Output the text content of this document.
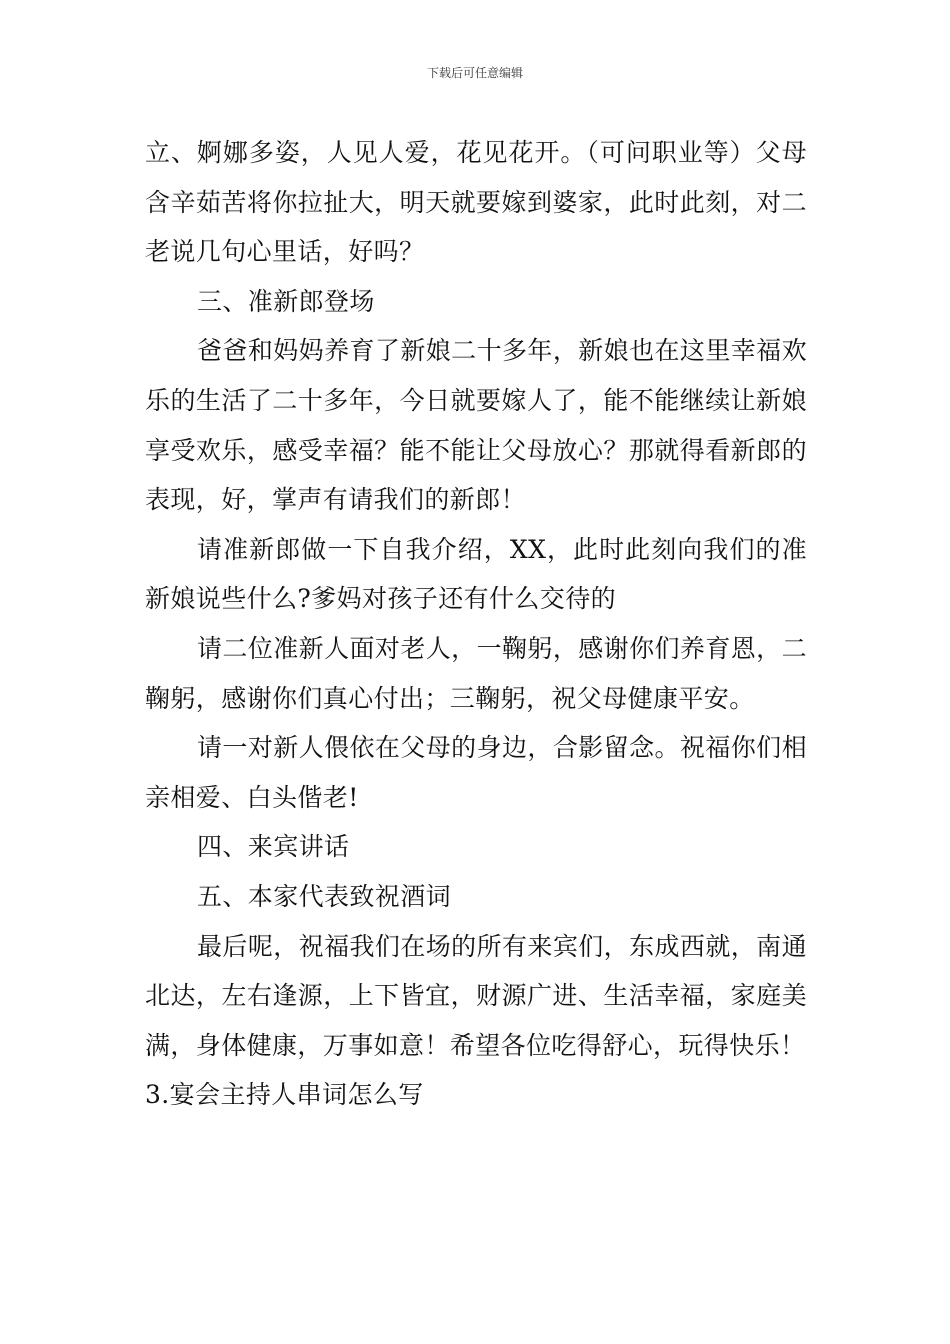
下载后可任意编辑

立、婀娜多姿，人见人爱，花见花开。（可问职业等）父母含辛茹苦将你拉扯大，明天就要嫁到婆家，此时此刻，对二老说几句心里话，好吗？

三、准新郎登场

爸爸和妈妈养育了新娘二十多年，新娘也在这里幸福欢乐的生活了二十多年，今日就要嫁人了，能不能继续让新娘享受欢乐，感受幸福？能不能让父母放心？那就得看新郎的表现，好，掌声有请我们的新郎！

请准新郎做一下自我介绍，XX，此时此刻向我们的准新娘说些什么?爹妈对孩子还有什么交待的

请二位准新人面对老人，一鞠躬，感谢你们养育恩，二鞠躬，感谢你们真心付出；三鞠躬，祝父母健康平安。

请一对新人偎依在父母的身边，合影留念。祝福你们相亲相爱、白头偕老!

四、来宾讲话

五、本家代表致祝酒词

最后呢，祝福我们在场的所有来宾们，东成西就，南通北达，左右逢源，上下皆宜，财源广进、生活幸福，家庭美满，身体健康，万事如意！希望各位吃得舒心，玩得快乐！

3.宴会主持人串词怎么写
